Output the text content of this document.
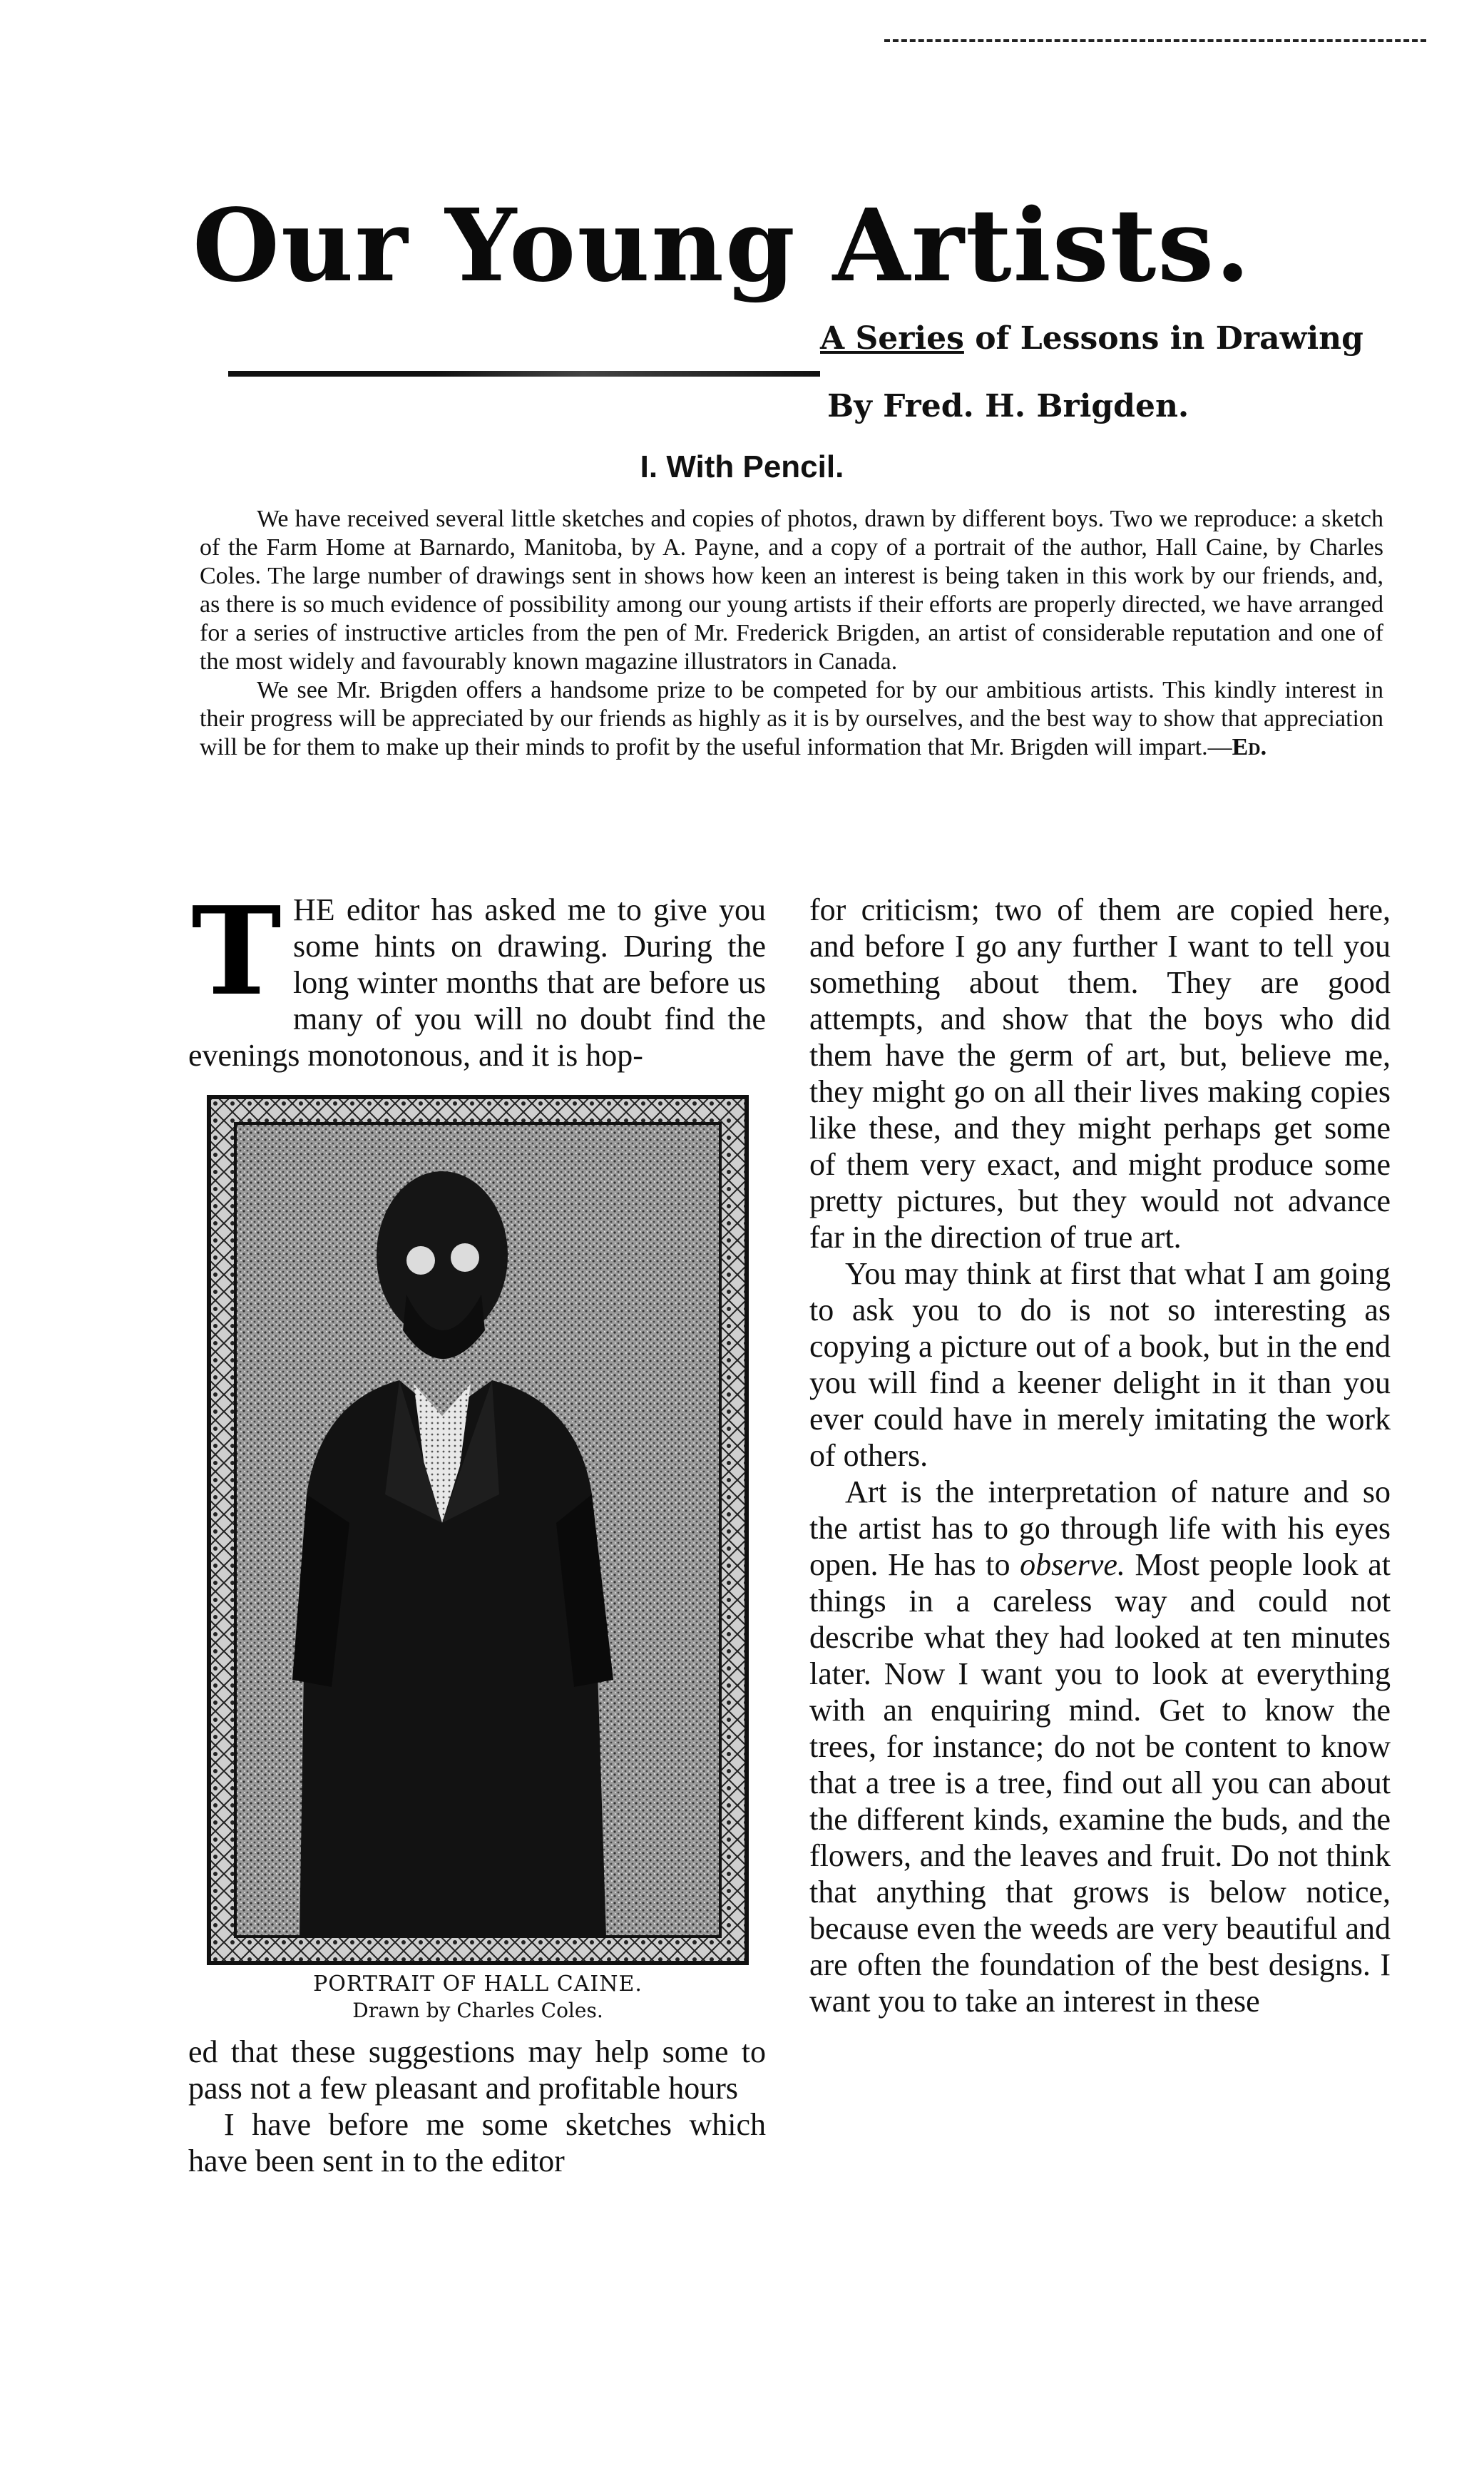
Our Young Artists.
A Series of Lessons in Drawing
By Fred. H. Brigden.
I. With Pencil.

We have received several little sketches and copies of photos, drawn by different boys. Two we reproduce: a sketch of the Farm Home at Barnardo, Manitoba, by A. Payne, and a copy of a portrait of the author, Hall Caine, by Charles Coles. The large number of drawings sent in shows how keen an interest is being taken in this work by our friends, and, as there is so much evidence of possibility among our young artists if their efforts are properly directed, we have arranged for a series of instructive articles from the pen of Mr. Frederick Brigden, an artist of considerable reputation and one of the most widely and favourably known magazine illustrators in Canada.

We see Mr. Brigden offers a handsome prize to be competed for by our ambitious artists. This kindly interest in their progress will be appreciated by our friends as highly as it is by ourselves, and the best way to show that appreciation will be for them to make up their minds to profit by the useful information that Mr. Brigden will impart.—Ed.

THE editor has asked me to give you some hints on drawing. During the long winter months that are before us many of you will no doubt find the evenings monotonous, and it is hop-

PORTRAIT OF HALL CAINE.
Drawn by Charles Coles.

ed that these suggestions may help some to pass not a few pleasant and profitable hours

I have before me some sketches which have been sent in to the editor

for criticism; two of them are copied here, and before I go any further I want to tell you something about them. They are good attempts, and show that the boys who did them have the germ of art, but, believe me, they might go on all their lives making copies like these, and they might perhaps get some of them very exact, and might produce some pretty pictures, but they would not advance far in the direction of true art.

You may think at first that what I am going to ask you to do is not so interesting as copying a picture out of a book, but in the end you will find a keener delight in it than you ever could have in merely imitating the work of others.

Art is the interpretation of nature and so the artist has to go through life with his eyes open. He has to observe. Most people look at things in a careless way and could not describe what they had looked at ten minutes later. Now I want you to look at everything with an enquiring mind. Get to know the trees, for instance; do not be content to know that a tree is a tree, find out all you can about the different kinds, examine the buds, and the flowers, and the leaves and fruit. Do not think that anything that grows is below notice, because even the weeds are very beautiful and are often the foundation of the best designs. I want you to take an interest in these
